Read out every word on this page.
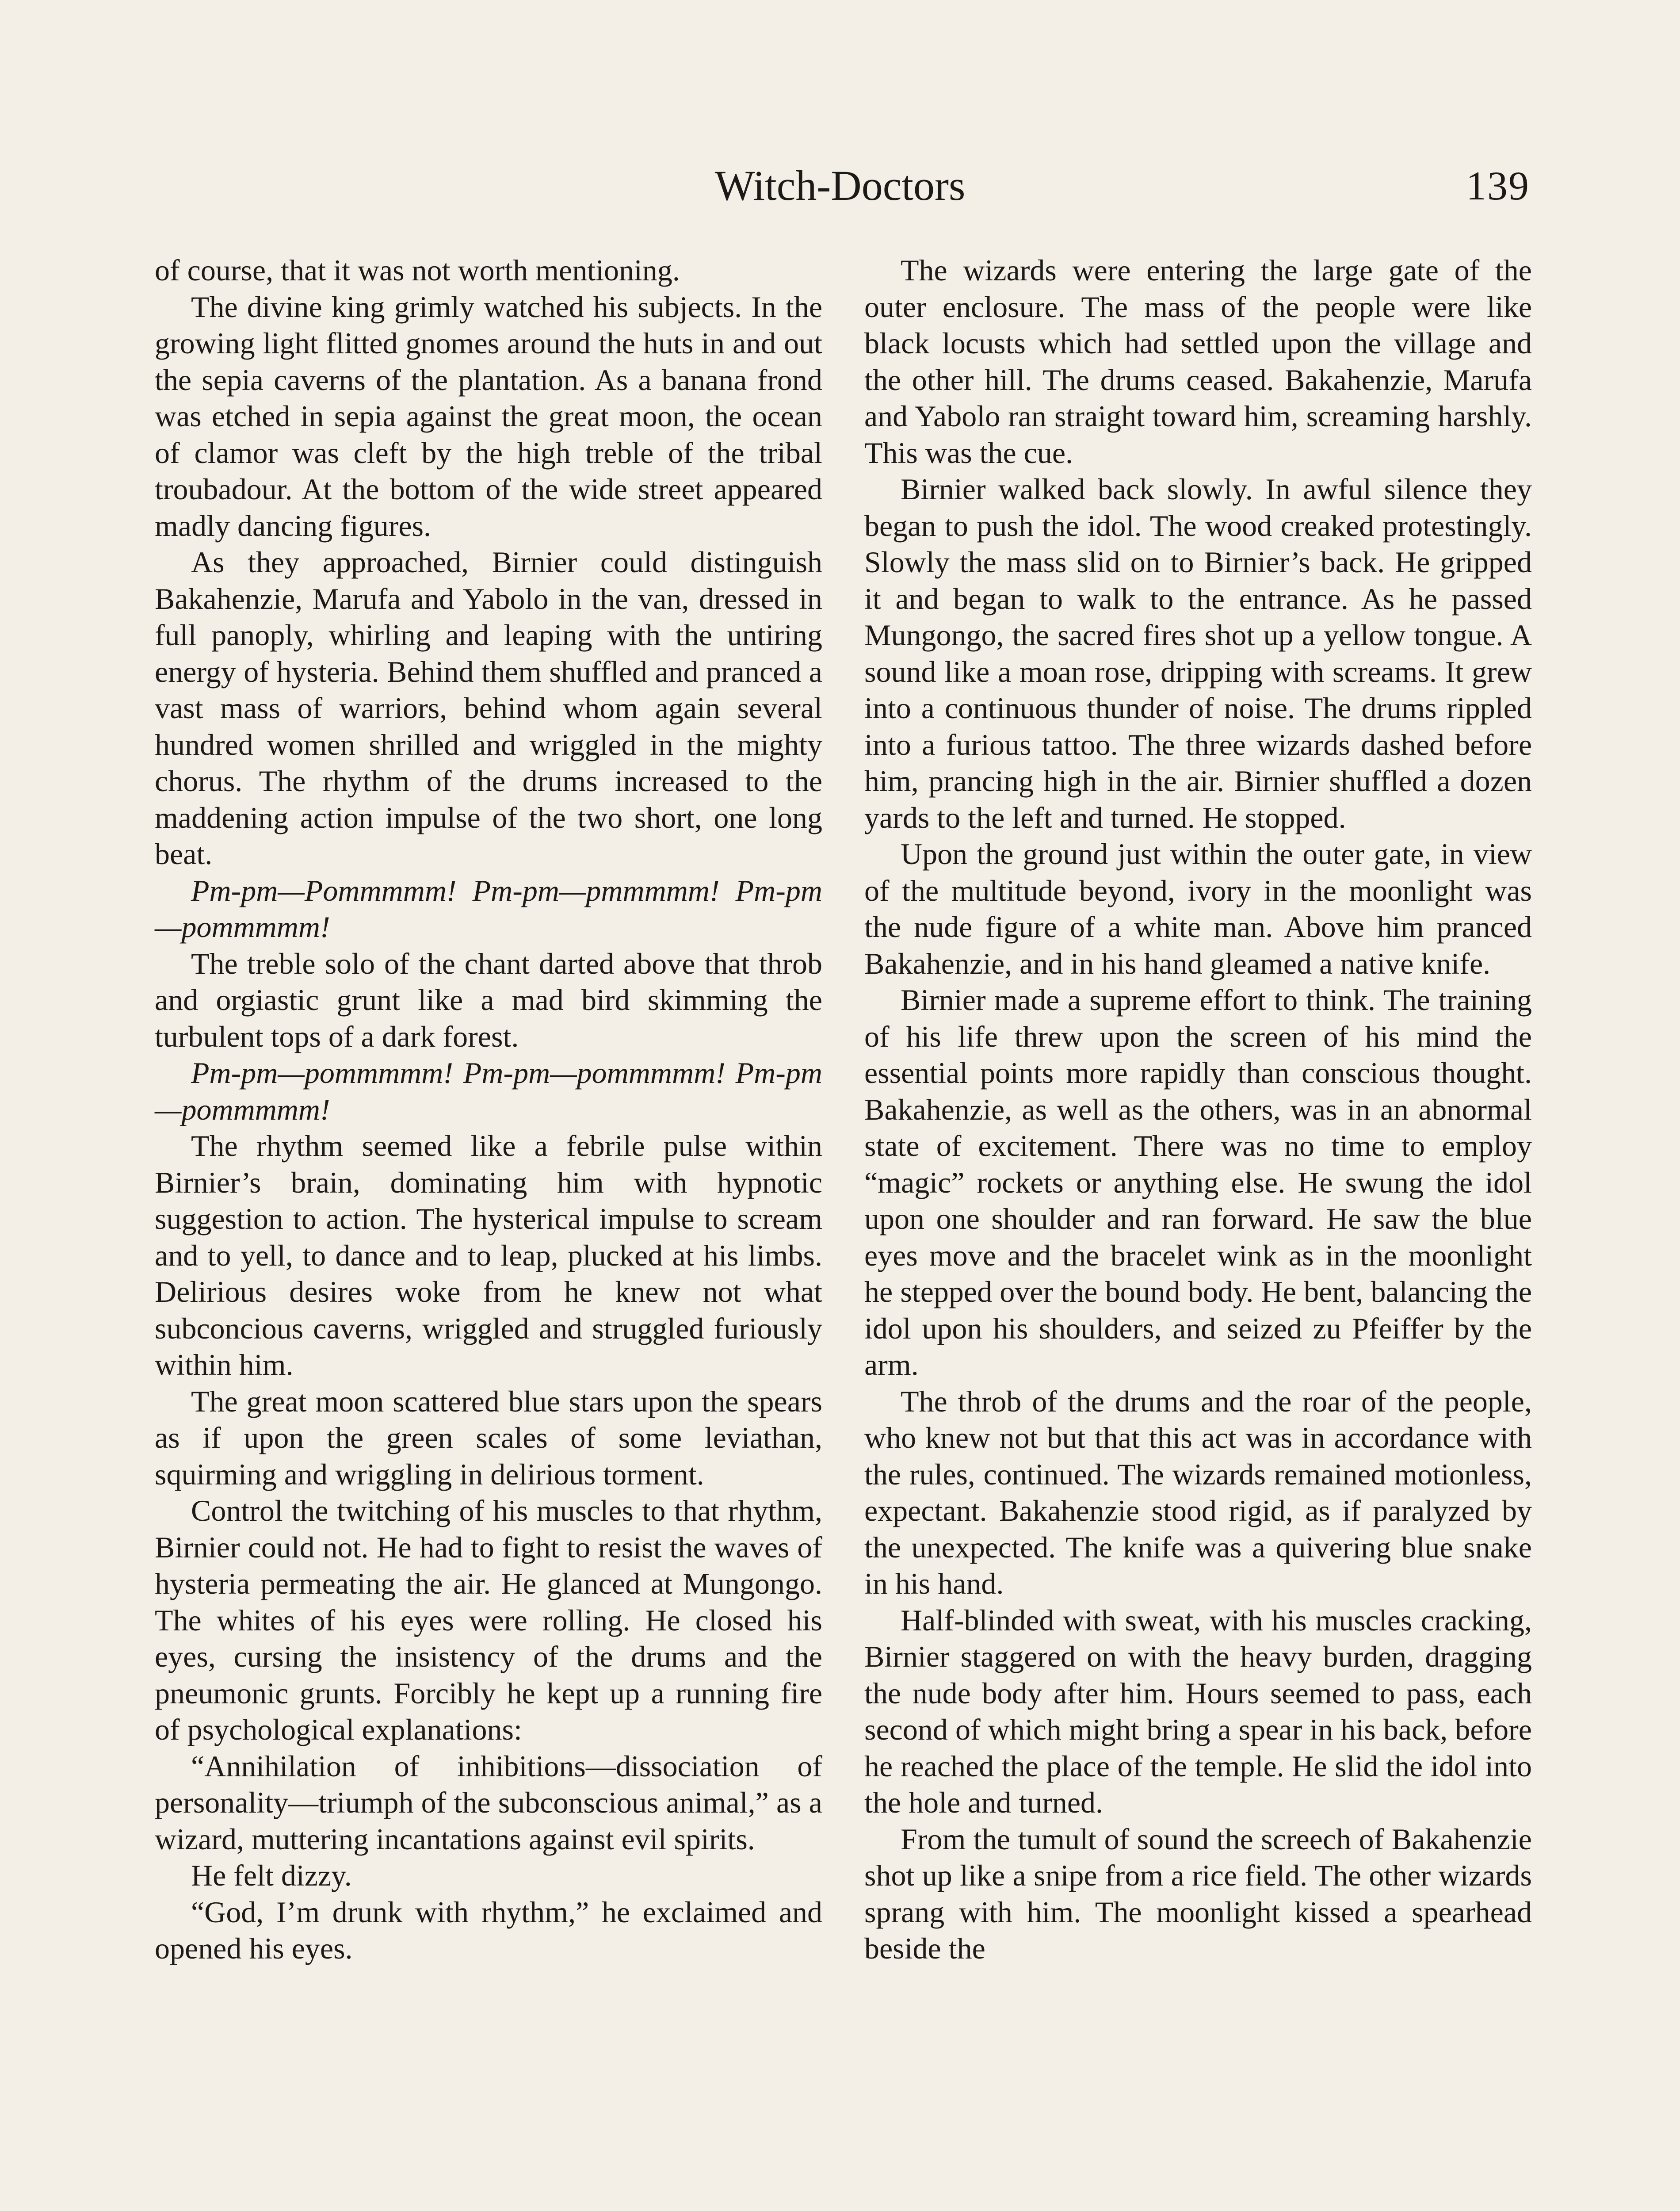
Witch-Doctors	139

of course, that it was not worth mentioning.

The divine king grimly watched his subjects. In the growing light flitted gnomes around the huts in and out the sepia caverns of the plantation. As a banana frond was etched in sepia against the great moon, the ocean of clamor was cleft by the high treble of the tribal troubadour. At the bottom of the wide street appeared madly dancing figures.

As they approached, Birnier could distinguish Bakahenzie, Marufa and Yabolo in the van, dressed in full panoply, whirling and leaping with the untiring energy of hysteria. Behind them shuffled and pranced a vast mass of warriors, behind whom again several hundred women shrilled and wriggled in the mighty chorus. The rhythm of the drums increased to the maddening action impulse of the two short, one long beat.

Pm-pm—Pommmmm! Pm-pm—pmmmmm! Pm-pm—pommmmm!

The treble solo of the chant darted above that throb and orgiastic grunt like a mad bird skimming the turbulent tops of a dark forest.

Pm-pm—pommmmm! Pm-pm—pommmmm! Pm-pm—pommmmm!

The rhythm seemed like a febrile pulse within Birnier’s brain, dominating him with hypnotic suggestion to action. The hysterical impulse to scream and to yell, to dance and to leap, plucked at his limbs. Delirious desires woke from he knew not what subconcious caverns, wriggled and struggled furiously within him.

The great moon scattered blue stars upon the spears as if upon the green scales of some leviathan, squirming and wriggling in delirious torment.

Control the twitching of his muscles to that rhythm, Birnier could not. He had to fight to resist the waves of hysteria permeating the air. He glanced at Mungongo. The whites of his eyes were rolling. He closed his eyes, cursing the insistency of the drums and the pneumonic grunts. Forcibly he kept up a running fire of psychological explanations:

“Annihilation of inhibitions—dissociation of personality—triumph of the subconscious animal,” as a wizard, muttering incantations against evil spirits.

He felt dizzy.

“God, I’m drunk with rhythm,” he exclaimed and opened his eyes.

The wizards were entering the large gate of the outer enclosure. The mass of the people were like black locusts which had settled upon the village and the other hill. The drums ceased. Bakahenzie, Marufa and Yabolo ran straight toward him, screaming harshly. This was the cue.

Birnier walked back slowly. In awful silence they began to push the idol. The wood creaked protestingly. Slowly the mass slid on to Birnier’s back. He gripped it and began to walk to the entrance. As he passed Mungongo, the sacred fires shot up a yellow tongue. A sound like a moan rose, dripping with screams. It grew into a continuous thunder of noise. The drums rippled into a furious tattoo. The three wizards dashed before him, prancing high in the air. Birnier shuffled a dozen yards to the left and turned. He stopped.

Upon the ground just within the outer gate, in view of the multitude beyond, ivory in the moonlight was the nude figure of a white man. Above him pranced Bakahenzie, and in his hand gleamed a native knife.

Birnier made a supreme effort to think. The training of his life threw upon the screen of his mind the essential points more rapidly than conscious thought. Bakahenzie, as well as the others, was in an abnormal state of excitement. There was no time to employ “magic” rockets or anything else. He swung the idol upon one shoulder and ran forward. He saw the blue eyes move and the bracelet wink as in the moonlight he stepped over the bound body. He bent, balancing the idol upon his shoulders, and seized zu Pfeiffer by the arm.

The throb of the drums and the roar of the people, who knew not but that this act was in accordance with the rules, continued. The wizards remained motionless, expectant. Bakahenzie stood rigid, as if paralyzed by the unexpected. The knife was a quivering blue snake in his hand.

Half-blinded with sweat, with his muscles cracking, Birnier staggered on with the heavy burden, dragging the nude body after him. Hours seemed to pass, each second of which might bring a spear in his back, before he reached the place of the temple. He slid the idol into the hole and turned.

From the tumult of sound the screech of Bakahenzie shot up like a snipe from a rice field. The other wizards sprang with him. The moonlight kissed a spearhead beside the
